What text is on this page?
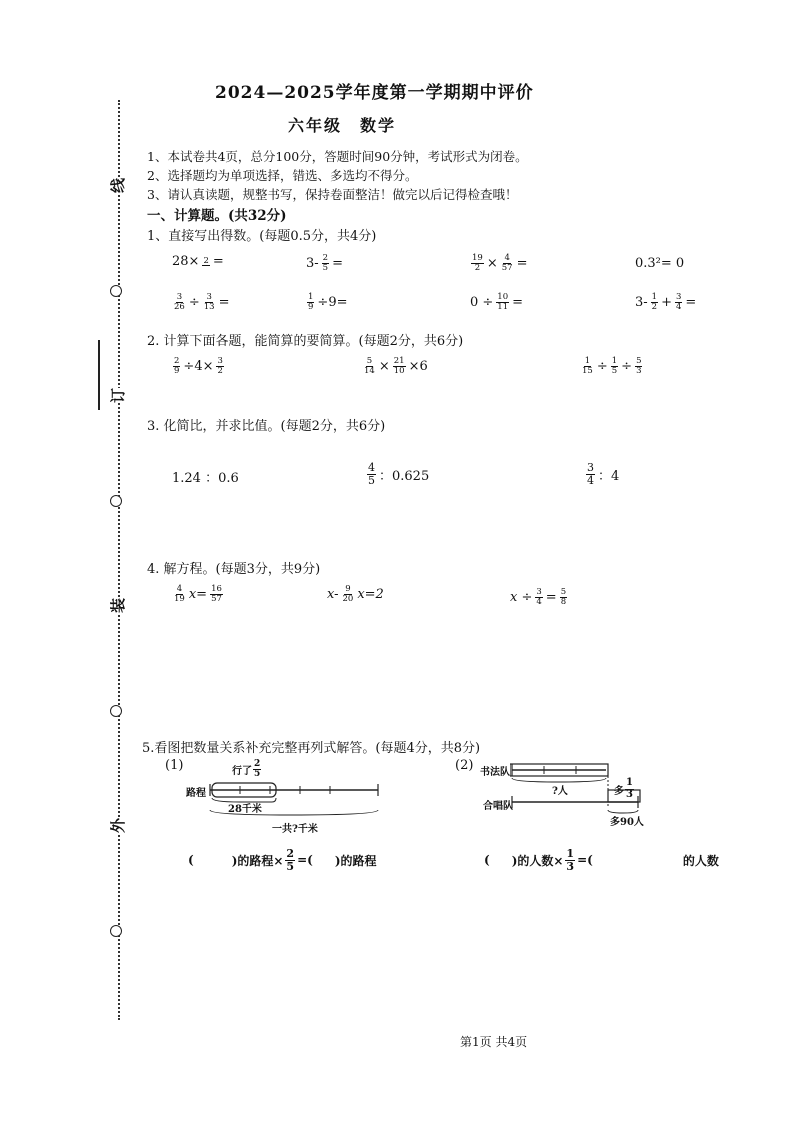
线
订
装
外
2024—2025学年度第一学期期中评价
六年级　数学
1、本试卷共4页，总分100分，答题时间90分钟，考试形式为闭卷。
2、选择题均为单项选择，错选、多选均不得分。
3、请认真读题，规整书写，保持卷面整洁！做完以后记得检查哦！
一、计算题。(共32分)
1、直接写出得数。(每题0.5分，共4分)
28× 2 =	$3- \frac{2}{5}$ =	$\frac{19}{2} \times \frac{4}{57}$ =	0.3²= 0
$\frac{3}{26} \div \frac{3}{13}$ =	$\frac{1}{9} \div 9=$	$0 \div \frac{10}{11}$ =	$3- \frac{1}{2} + \frac{3}{4}$ =
2. 计算下面各题，能简算的要简算。(每题2分，共6分)
$\frac{2}{9} \div 4\times \frac{3}{2}$	$\frac{5}{14} \times \frac{21}{10} \times 6$	$\frac{1}{15} \div \frac{1}{5} \div \frac{5}{3}$
3. 化简比，并求比值。(每题2分，共6分)
1.24 ：0.6	$\frac{4}{5}$ ：0.625	$\frac{3}{4}$ ：4
4. 解方程。(每题3分，共9分)
$\frac{4}{19} x= \frac{16}{57}$	$x- \frac{9}{20} x=2$	$x \div \frac{3}{4} = \frac{5}{8}$
5.看图把数量关系补充完整再列式解答。(每题4分，共8分)
(1)	行了 $\frac{2}{5}$
路程
28千米
一共?千米
(	)的路程× $\frac{2}{5}$ =( )的路程
(2) 书法队
?人	多 $\frac{1}{3}$
合唱队
多90人
( )的人数× $\frac{1}{3}$ =(	的人数
第1页 共4页
